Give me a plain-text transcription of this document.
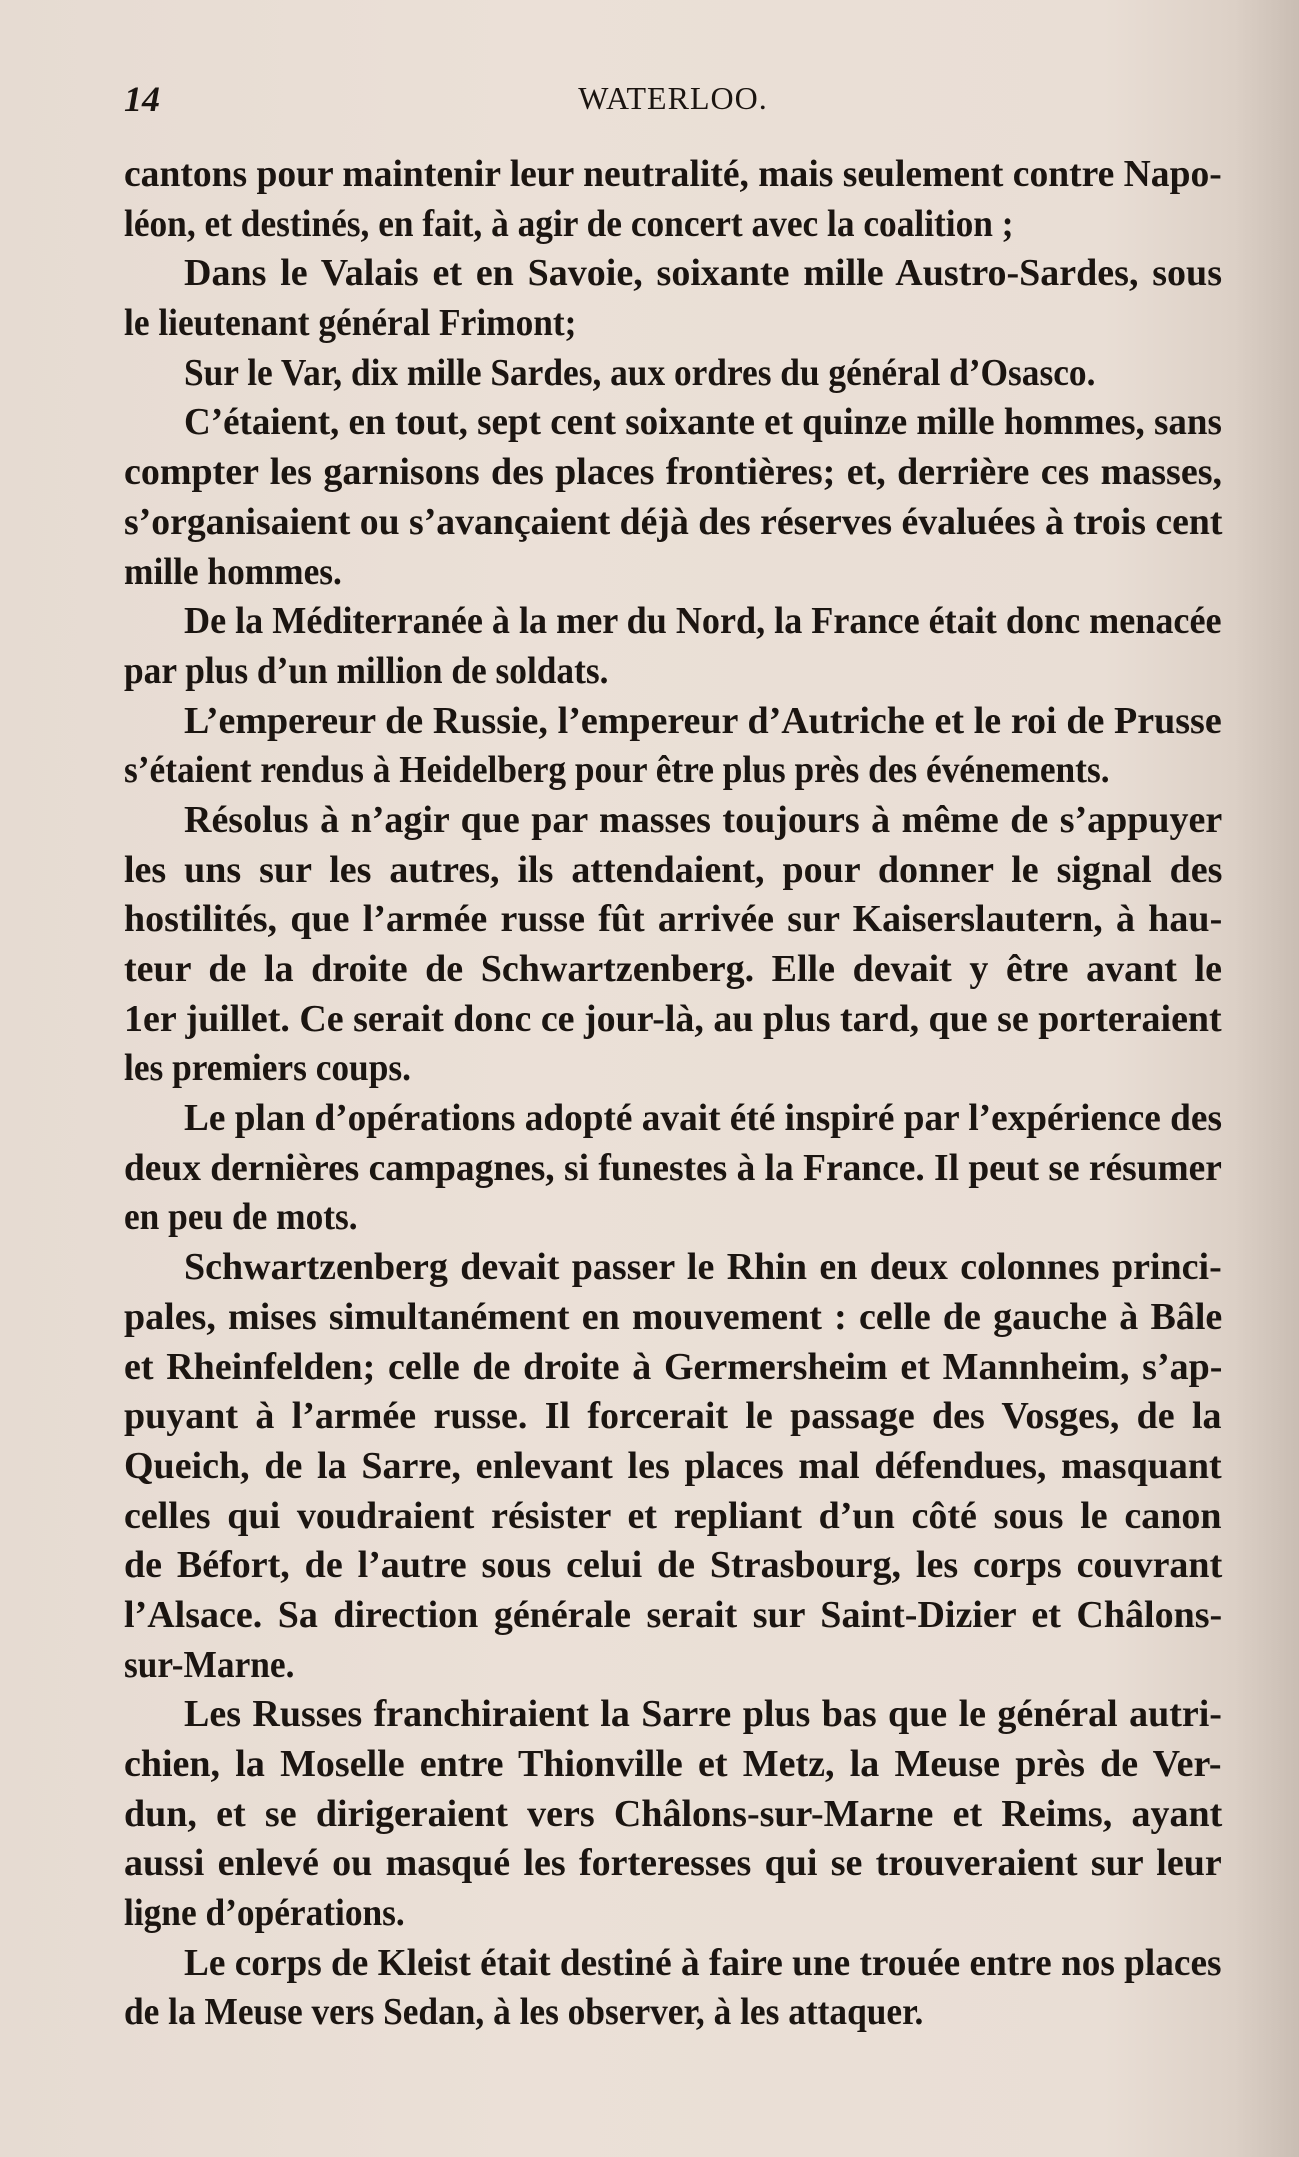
14	WATERLOO.
cantons pour maintenir leur neutralité, mais seulement contre Napo-
léon, et destinés, en fait, à agir de concert avec la coalition ;
Dans le Valais et en Savoie, soixante mille Austro-Sardes, sous
le lieutenant général Frimont;
Sur le Var, dix mille Sardes, aux ordres du général d’Osasco.
C’étaient, en tout, sept cent soixante et quinze mille hommes, sans
compter les garnisons des places frontières; et, derrière ces masses,
s’organisaient ou s’avançaient déjà des réserves évaluées à trois cent
mille hommes.
De la Méditerranée à la mer du Nord, la France était donc menacée
par plus d’un million de soldats.
L’empereur de Russie, l’empereur d’Autriche et le roi de Prusse
s’étaient rendus à Heidelberg pour être plus près des événements.
Résolus à n’agir que par masses toujours à même de s’appuyer
les uns sur les autres, ils attendaient, pour donner le signal des
hostilités, que l’armée russe fût arrivée sur Kaiserslautern, à hau-
teur de la droite de Schwartzenberg. Elle devait y être avant le
1er juillet. Ce serait donc ce jour-là, au plus tard, que se porteraient
les premiers coups.
Le plan d’opérations adopté avait été inspiré par l’expérience des
deux dernières campagnes, si funestes à la France. Il peut se résumer
en peu de mots.
Schwartzenberg devait passer le Rhin en deux colonnes princi-
pales, mises simultanément en mouvement : celle de gauche à Bâle
et Rheinfelden; celle de droite à Germersheim et Mannheim, s’ap-
puyant à l’armée russe. Il forcerait le passage des Vosges, de la
Queich, de la Sarre, enlevant les places mal défendues, masquant
celles qui voudraient résister et repliant d’un côté sous le canon
de Béfort, de l’autre sous celui de Strasbourg, les corps couvrant
l’Alsace. Sa direction générale serait sur Saint-Dizier et Châlons-
sur-Marne.
Les Russes franchiraient la Sarre plus bas que le général autri-
chien, la Moselle entre Thionville et Metz, la Meuse près de Ver-
dun, et se dirigeraient vers Châlons-sur-Marne et Reims, ayant
aussi enlevé ou masqué les forteresses qui se trouveraient sur leur
ligne d’opérations.
Le corps de Kleist était destiné à faire une trouée entre nos places
de la Meuse vers Sedan, à les observer, à les attaquer.
